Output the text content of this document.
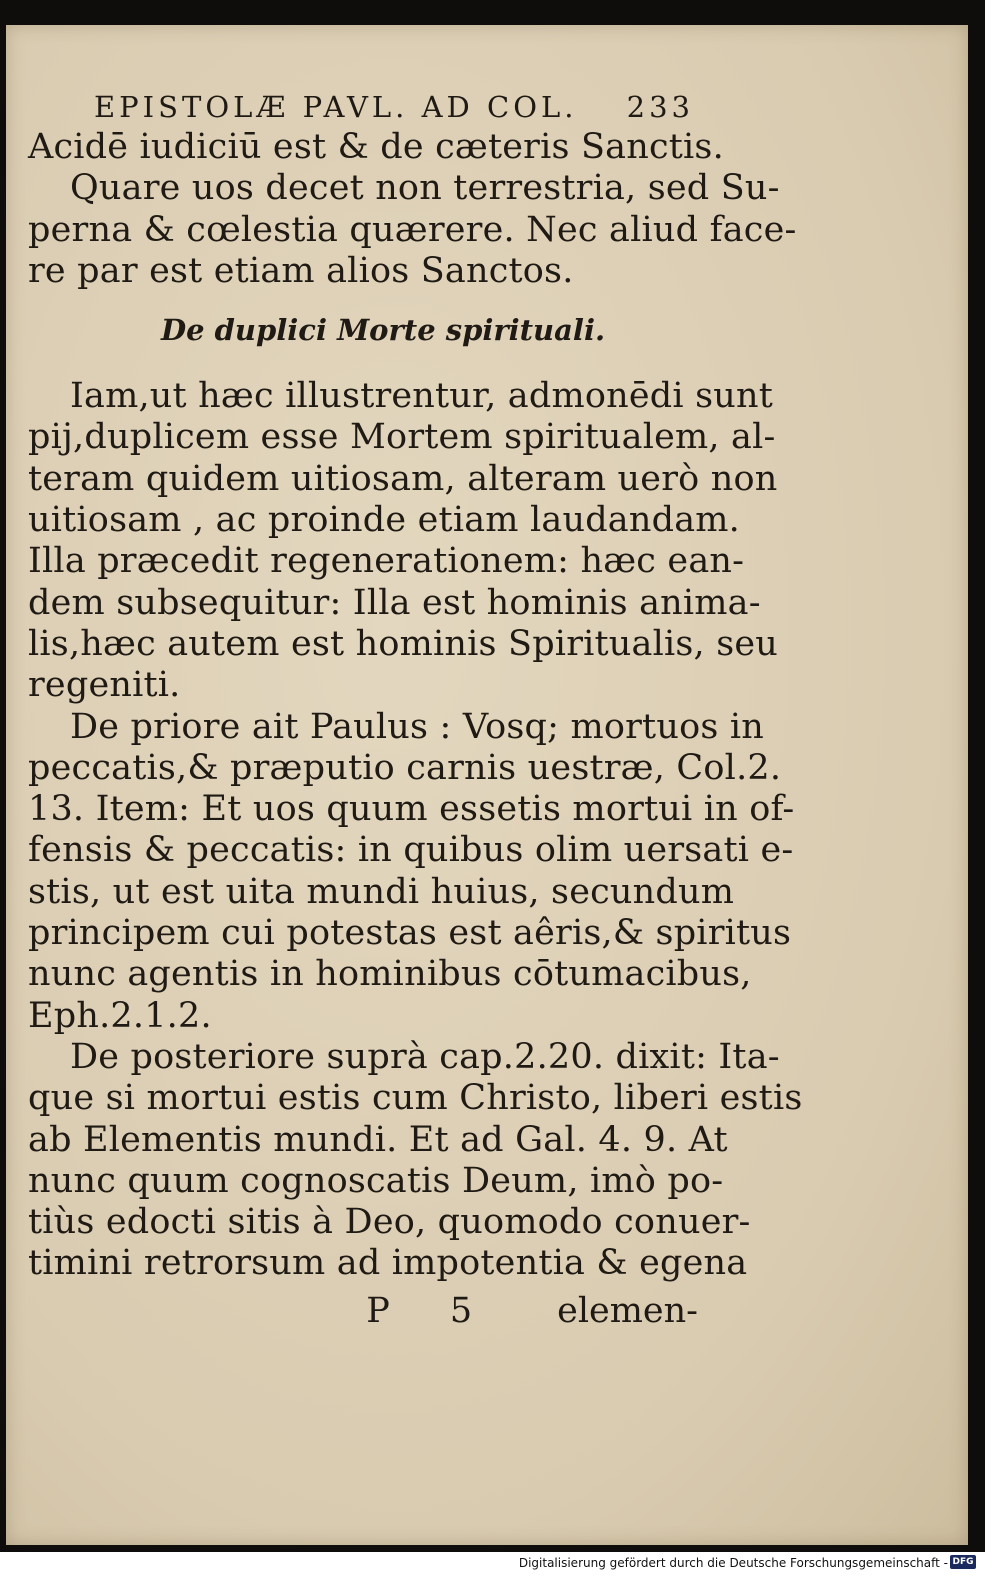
EPISTOLÆ PAVL. AD COL. 233
Acidē iudiciū est & de cæteris Sanctis.
Quare uos decet non terrestria, sed Su-
perna & cœlestia quærere. Nec aliud face-
re par est etiam alios Sanctos.
De duplici Morte spirituali.
Iam,ut hæc illustrentur, admonēdi sunt
pij,duplicem esse Mortem spiritualem, al-
teram quidem uitiosam, alteram uerò non
uitiosam , ac proinde etiam laudandam.
Illa præcedit regenerationem: hæc ean-
dem subsequitur: Illa est hominis anima-
lis,hæc autem est hominis Spiritualis, seu
regeniti.
De priore ait Paulus : Vosq; mortuos in
peccatis,& præputio carnis uestræ, Col.2.
13. Item: Et uos quum essetis mortui in of-
fensis & peccatis: in quibus olim uersati e-
stis, ut est uita mundi huius, secundum
principem cui potestas est aêris,& spiritus
nunc agentis in hominibus cōtumacibus,
Eph.2.1.2.
De posteriore suprà cap.2.20. dixit: Ita-
que si mortui estis cum Christo, liberi estis
ab Elementis mundi. Et ad Gal. 4. 9. At
nunc quum cognoscatis Deum, imò po-
tiùs edocti sitis à Deo, quomodo conuer-
timini retrorsum ad impotentia & egena
P 5 elemen-
Digitalisierung gefördert durch die Deutsche Forschungsgemeinschaft - DFG
